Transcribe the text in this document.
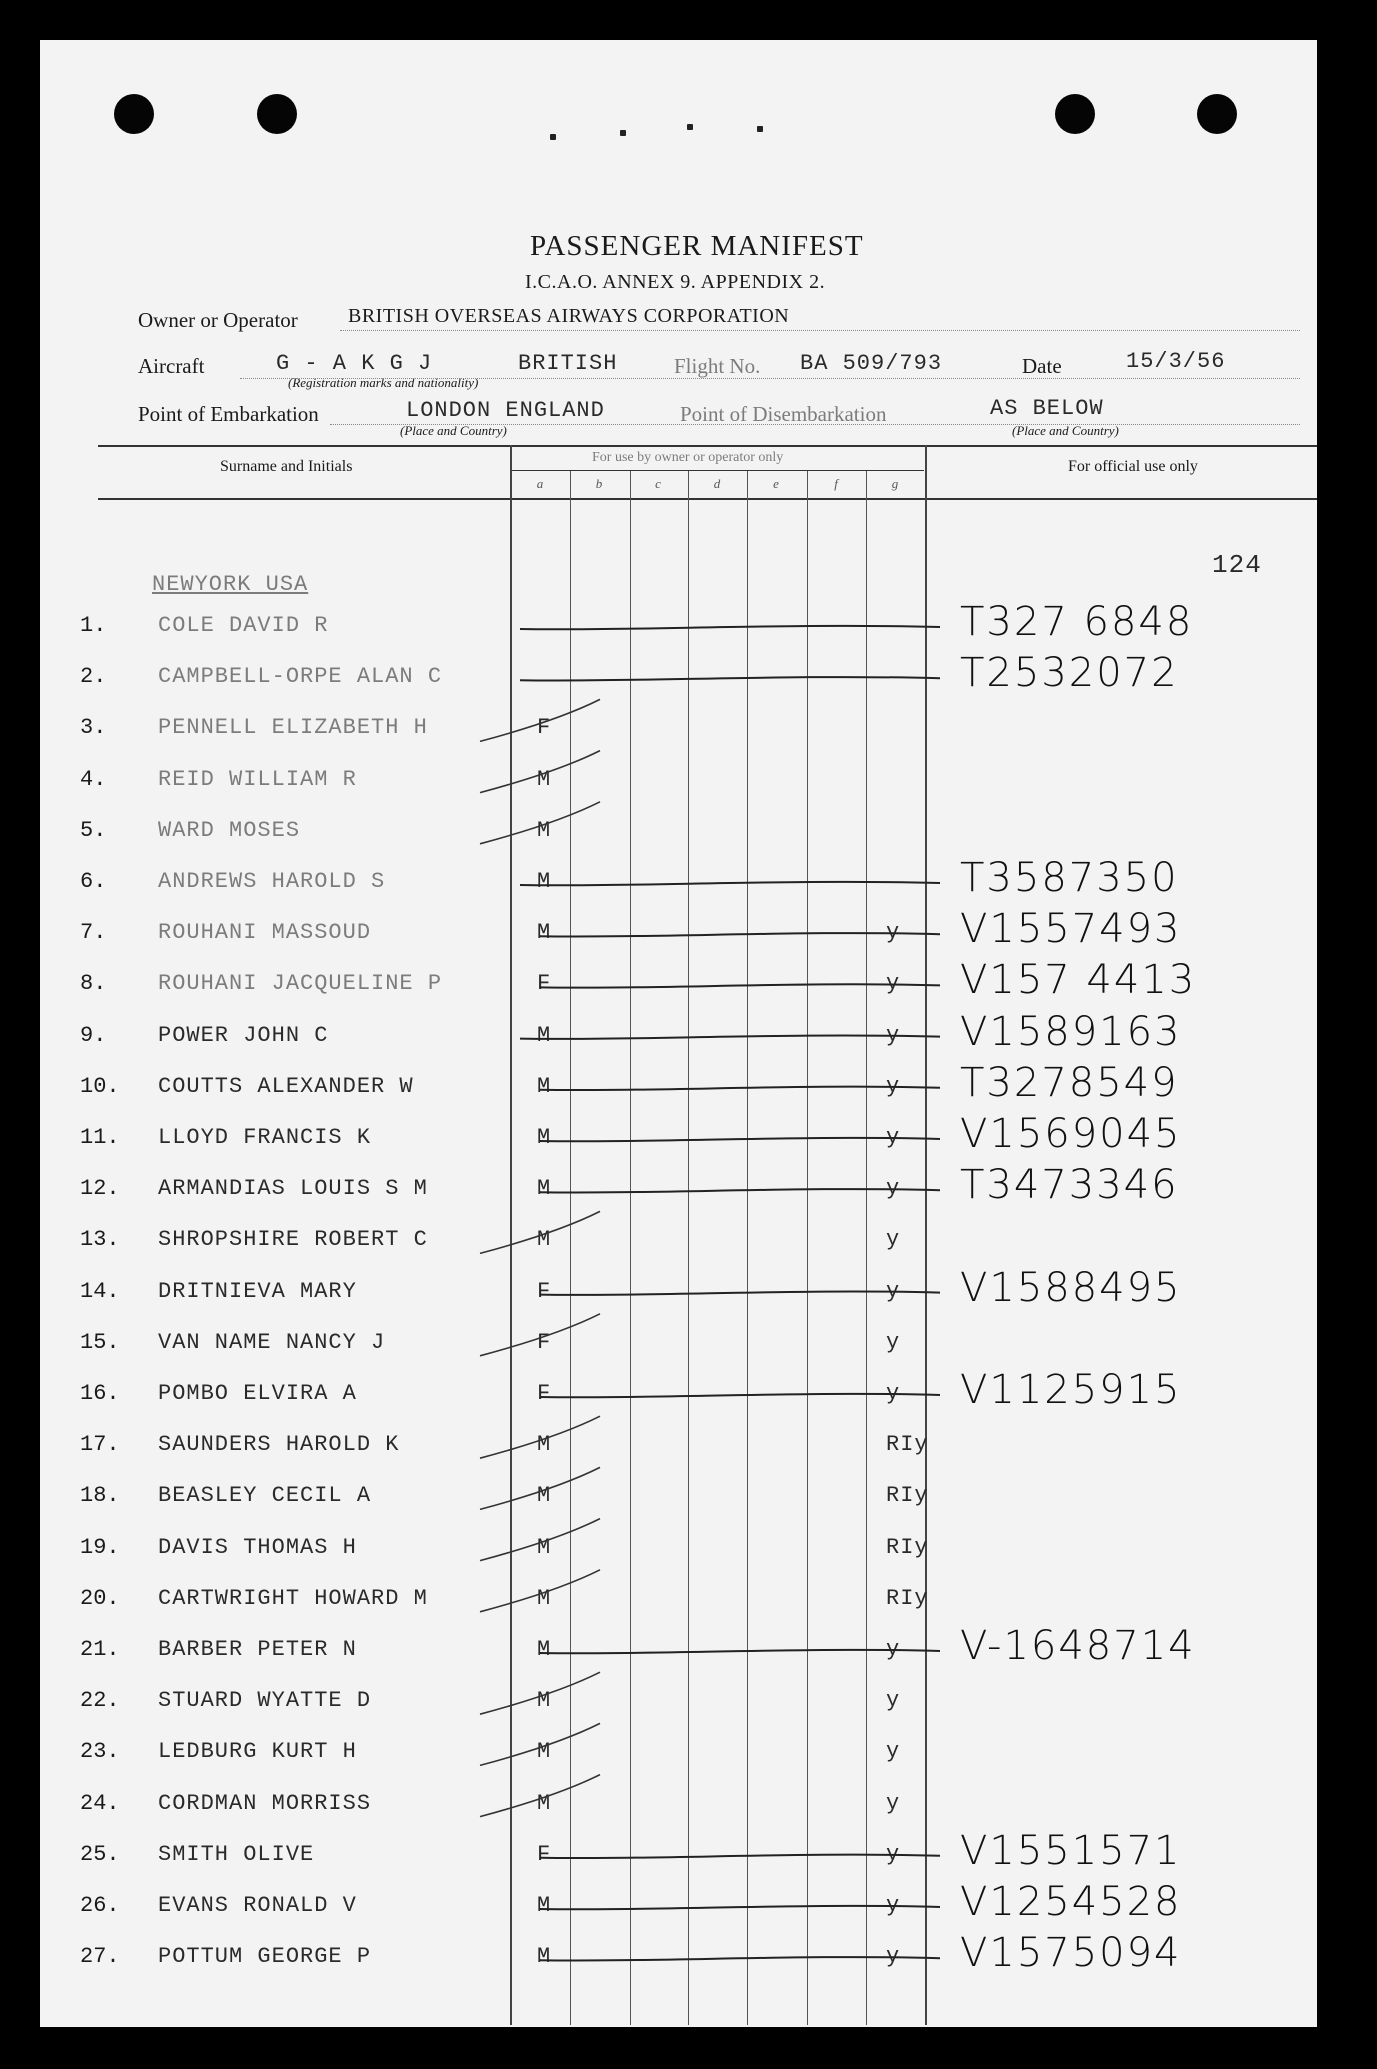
PASSENGER MANIFEST
I.C.A.O. ANNEX 9. APPENDIX 2.
Owner or Operator	BRITISH OVERSEAS AIRWAYS CORPORATION
Aircraft	G - A K G J	BRITISH
(Registration marks and nationality)
Flight No. BA 509/793	Date	15/3/56
Point of Embarkation	LONDON ENGLAND
(Place and Country)
Point of Disembarkation	AS BELOW
(Place and Country)
Surname and Initials
For use by owner or operator only
For official use only
a	b	c	d	e	f	g
124
NEWYORK USA
1. COLE DAVID R	T327 6848
2. CAMPBELL-ORPE ALAN C	T2532072
3. PENNELL ELIZABETH H	F
4. REID WILLIAM R	M
5. WARD MOSES	M
6. ANDREWS HAROLD S	M	T3587350
7. ROUHANI MASSOUD	M	y V1557493
8. ROUHANI JACQUELINE P	F	y V157 4413
9. POWER JOHN C	M	y V1589163
10. COUTTS ALEXANDER W	M	y T3278549
11. LLOYD FRANCIS K	M	y V1569045
12. ARMANDIAS LOUIS S M	M	y T3473346
13. SHROPSHIRE ROBERT C	M	y
14. DRITNIEVA MARY	F	y V1588495
15. VAN NAME NANCY J	F	y
16. POMBO ELVIRA A	F	y V1125915
17. SAUNDERS HAROLD K	M	RIy
18. BEASLEY CECIL A	M	RIy
19. DAVIS THOMAS H	M	RIy
20. CARTWRIGHT HOWARD M	M	RIy
21. BARBER PETER N	M	y V-1648714
22. STUARD WYATTE D	M	y
23. LEDBURG KURT H	M	y
24. CORDMAN MORRISS	M	y
25. SMITH OLIVE	F	y V1551571
26. EVANS RONALD V	M	y V1254528
27. POTTUM GEORGE P	M	y V1575094
